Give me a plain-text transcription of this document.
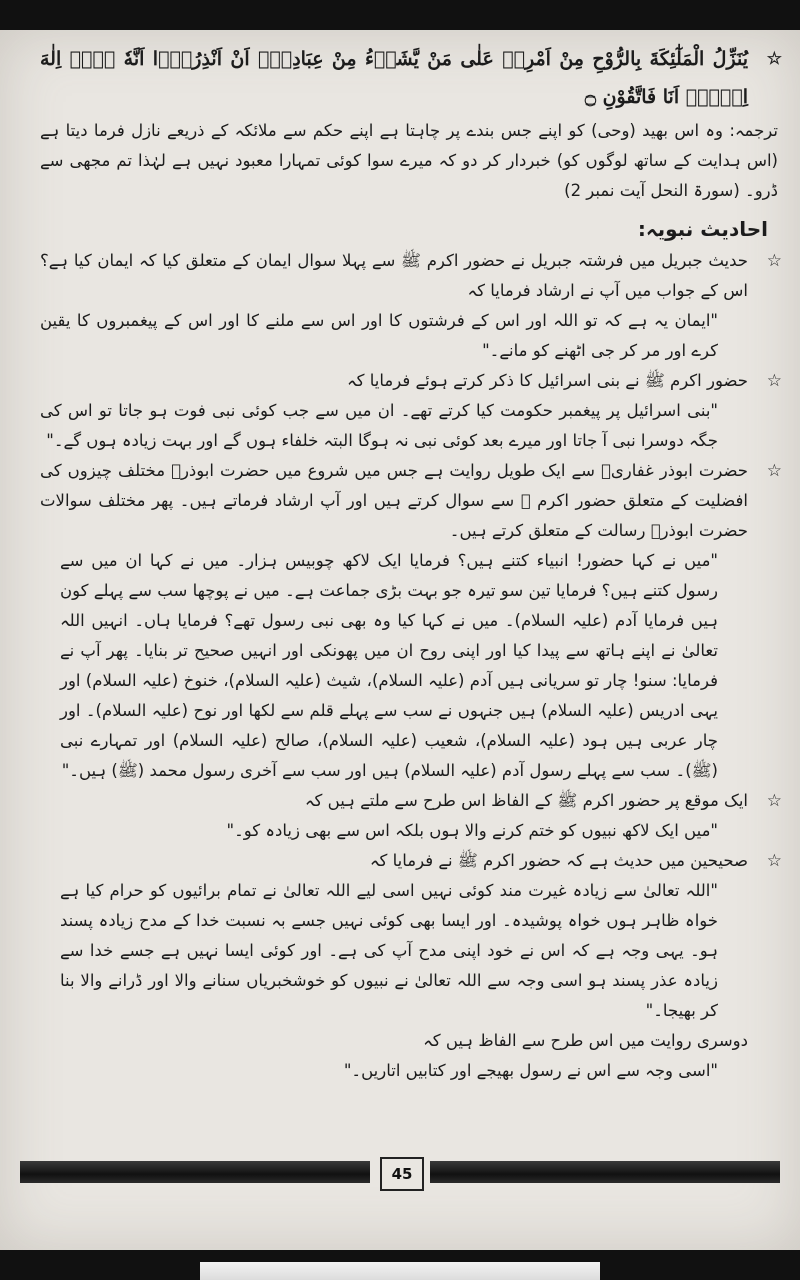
☆
يُنَزِّلُ الْمَلٰٓئِكَةَ بِالرُّوْحِ مِنْ اَمْرِهٖ عَلٰى مَنْ يَّشَاۤءُ مِنْ عِبَادِهٖۤ اَنْ اَنْذِرُوْۤا اَنَّهٗ لَاۤ اِلٰهَ اِلَّاۤ اَنَا فَاتَّقُوْنِ ۝

ترجمہ: وہ اس بھید (وحی) کو اپنے جس بندے پر چاہتا ہے اپنے حکم سے ملائکہ کے ذریعے نازل فرما دیتا ہے (اس ہدایت کے ساتھ لوگوں کو) خبردار کر دو کہ میرے سوا کوئی تمہارا معبود نہیں ہے لہٰذا تم مجھی سے ڈرو۔ (سورۃ النحل آیت نمبر 2)

احادیث نبویہ:

☆
حدیث جبریل میں فرشتہ جبریل نے حضور اکرم ﷺ سے پہلا سوال ایمان کے متعلق کیا کہ ایمان کیا ہے؟ اس کے جواب میں آپ نے ارشاد فرمایا کہ

"ایمان یہ ہے کہ تو اللہ اور اس کے فرشتوں کا اور اس سے ملنے کا اور اس کے پیغمبروں کا یقین کرے اور مر کر جی اٹھنے کو مانے۔"

☆
حضور اکرم ﷺ نے بنی اسرائیل کا ذکر کرتے ہوئے فرمایا کہ

"بنی اسرائیل پر پیغمبر حکومت کیا کرتے تھے۔ ان میں سے جب کوئی نبی فوت ہو جاتا تو اس کی جگہ دوسرا نبی آ جاتا اور میرے بعد کوئی نبی نہ ہوگا البتہ خلفاء ہوں گے اور بہت زیادہ ہوں گے۔"

☆
حضرت ابوذر غفاریؓ سے ایک طویل روایت ہے جس میں شروع میں حضرت ابوذرؓ مختلف چیزوں کی افضلیت کے متعلق حضور اکرم ﷺ سے سوال کرتے ہیں اور آپ ارشاد فرماتے ہیں۔ پھر مختلف سوالات حضرت ابوذرؓ رسالت کے متعلق کرتے ہیں۔

"میں نے کہا حضور! انبیاء کتنے ہیں؟ فرمایا ایک لاکھ چوبیس ہزار۔ میں نے کہا ان میں سے رسول کتنے ہیں؟ فرمایا تین سو تیرہ جو بہت بڑی جماعت ہے۔ میں نے پوچھا سب سے پہلے کون ہیں فرمایا آدم (علیہ السلام)۔ میں نے کہا کیا وہ بھی نبی رسول تھے؟ فرمایا ہاں۔ انہیں اللہ تعالیٰ نے اپنے ہاتھ سے پیدا کیا اور اپنی روح ان میں پھونکی اور انہیں صحیح تر بنایا۔ پھر آپ نے فرمایا: سنو! چار تو سریانی ہیں آدم (علیہ السلام)، شیث (علیہ السلام)، خنوخ (علیہ السلام) اور یہی ادریس (علیہ السلام) ہیں جنہوں نے سب سے پہلے قلم سے لکھا اور نوح (علیہ السلام)۔ اور چار عربی ہیں ہود (علیہ السلام)، شعیب (علیہ السلام)، صالح (علیہ السلام) اور تمہارے نبی (ﷺ)۔ سب سے پہلے رسول آدم (علیہ السلام) ہیں اور سب سے آخری رسول محمد (ﷺ) ہیں۔"

☆
ایک موقع پر حضور اکرم ﷺ کے الفاظ اس طرح سے ملتے ہیں کہ

"میں ایک لاکھ نبیوں کو ختم کرنے والا ہوں بلکہ اس سے بھی زیادہ کو۔"

☆
صحیحین میں حدیث ہے کہ حضور اکرم ﷺ نے فرمایا کہ

"اللہ تعالیٰ سے زیادہ غیرت مند کوئی نہیں اسی لیے اللہ تعالیٰ نے تمام برائیوں کو حرام کیا ہے خواہ ظاہر ہوں خواہ پوشیدہ۔ اور ایسا بھی کوئی نہیں جسے بہ نسبت خدا کے مدح زیادہ پسند ہو۔ یہی وجہ ہے کہ اس نے خود اپنی مدح آپ کی ہے۔ اور کوئی ایسا نہیں ہے جسے خدا سے زیادہ عذر پسند ہو اسی وجہ سے اللہ تعالیٰ نے نبیوں کو خوشخبریاں سنانے والا اور ڈرانے والا بنا کر بھیجا۔"

دوسری روایت میں اس طرح سے الفاظ ہیں کہ

"اسی وجہ سے اس نے رسول بھیجے اور کتابیں اتاریں۔"

45
